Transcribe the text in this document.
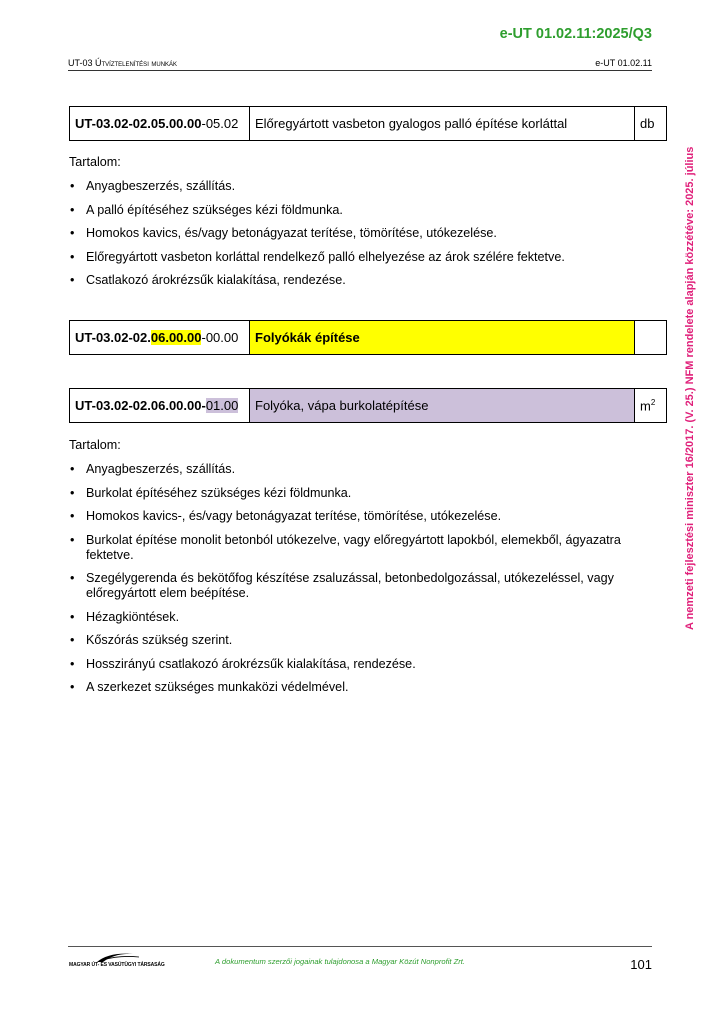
e-UT 01.02.11:2025/Q3
UT-03 Útvíztelenítési munkák	e-UT 01.02.11
A nemzeti fejlesztési miniszter 16/2017. (V. 25.) NFM rendelete alapján közzétéve: 2025. július
UT-03.02-02.05.00.00-05.02	Előregyártott vasbeton gyalogos palló építése korláttal	db
Tartalom:
• Anyagbeszerzés, szállítás.
• A palló építéséhez szükséges kézi földmunka.
• Homokos kavics, és/vagy betonágyazat terítése, tömörítése, utókezelése.
• Előregyártott vasbeton korláttal rendelkező palló elhelyezése az árok szélére fektetve.
• Csatlakozó árokrézsűk kialakítása, rendezése.
UT-03.02-02.06.00.00-00.00	Folyókák építése	
UT-03.02-02.06.00.00-01.00	Folyóka, vápa burkolatépítése	$m^2$
Tartalom:
• Anyagbeszerzés, szállítás.
• Burkolat építéséhez szükséges kézi földmunka.
• Homokos kavics-, és/vagy betonágyazat terítése, tömörítése, utókezelése.
• Burkolat építése monolit betonból utókezelve, vagy előregyártott lapokból, elemekből, ágyazatra fektetve.
• Szegélygerenda és bekötőfog készítése zsaluzással, betonbedolgozással, utókezeléssel, vagy előregyártott elem beépítése.
• Hézagkiöntések.
• Kőszórás szükség szerint.
• Hosszirányú csatlakozó árokrézsűk kialakítása, rendezése.
• A szerkezet szükséges munkaközi védelmével.
MAGYAR ÚT- ÉS VASÚTÜGYI TÁRSASÁG	A dokumentum szerzői jogainak tulajdonosa a Magyar Közút Nonprofit Zrt.	101
